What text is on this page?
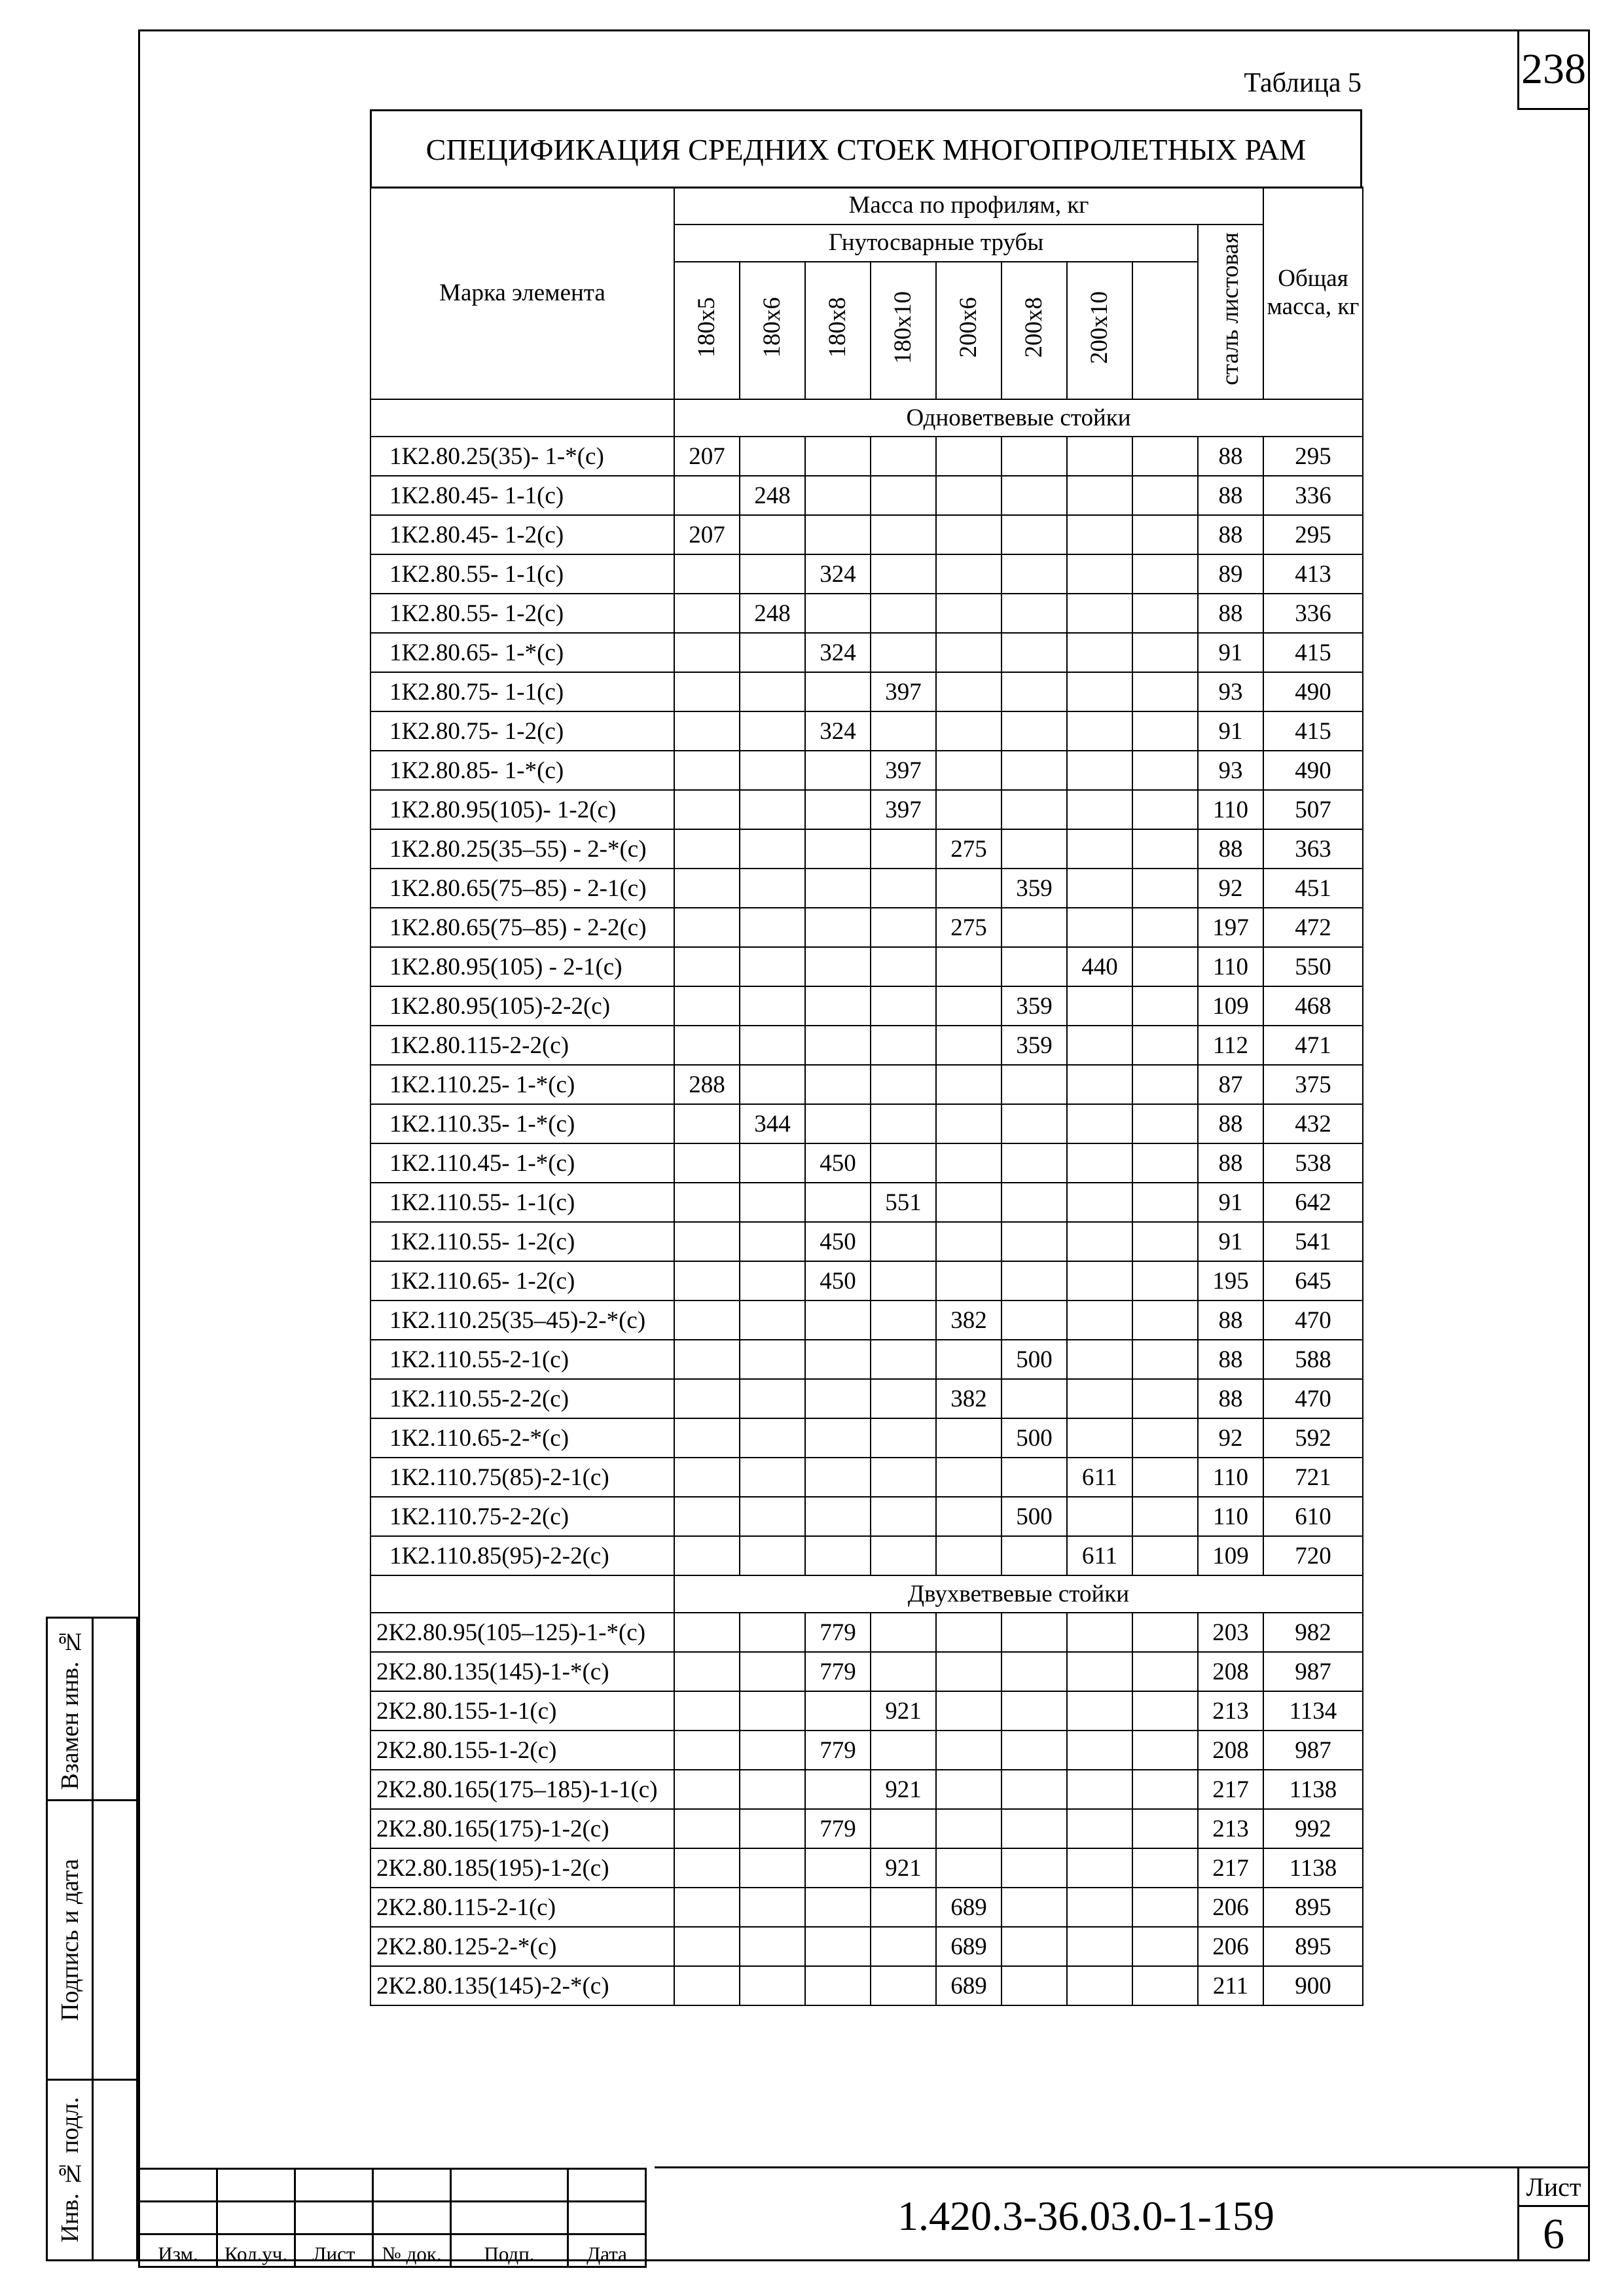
238
Таблица 5
СПЕЦИФИКАЦИЯ СРЕДНИХ СТОЕК МНОГОПРОЛЕТНЫХ РАМ
Марка элемента	Масса по профилям, кг									Общая масса, кг
	Гнутосварные трубы								сталь листовая	
	180х5	180х6	180х8	180х10	200х6	200х8	200х10			
	Одноветвевые стойки									
1К2.80.25(35)- 1-*(с)	207								88	295
1К2.80.45- 1-1(с)		248							88	336
1К2.80.45- 1-2(с)	207								88	295
1К2.80.55- 1-1(с)			324						89	413
1К2.80.55- 1-2(с)		248							88	336
1К2.80.65- 1-*(с)			324						91	415
1К2.80.75- 1-1(с)				397					93	490
1К2.80.75- 1-2(с)			324						91	415
1К2.80.85- 1-*(с)				397					93	490
1К2.80.95(105)- 1-2(с)				397					110	507
1К2.80.25(35–55) - 2-*(с)					275				88	363
1К2.80.65(75–85) - 2-1(с)						359			92	451
1К2.80.65(75–85) - 2-2(с)					275				197	472
1К2.80.95(105) - 2-1(с)							440		110	550
1К2.80.95(105)-2-2(с)						359			109	468
1К2.80.115-2-2(с)						359			112	471
1К2.110.25- 1-*(с)	288								87	375
1К2.110.35- 1-*(с)		344							88	432
1К2.110.45- 1-*(с)			450						88	538
1К2.110.55- 1-1(с)				551					91	642
1К2.110.55- 1-2(с)			450						91	541
1К2.110.65- 1-2(с)			450						195	645
1К2.110.25(35–45)-2-*(с)					382				88	470
1К2.110.55-2-1(с)						500			88	588
1К2.110.55-2-2(с)					382				88	470
1К2.110.65-2-*(с)						500			92	592
1К2.110.75(85)-2-1(с)							611		110	721
1К2.110.75-2-2(с)						500			110	610
1К2.110.85(95)-2-2(с)							611		109	720
	Двухветвевые стойки									
2К2.80.95(105–125)-1-*(с)			779						203	982
2К2.80.135(145)-1-*(с)			779						208	987
2К2.80.155-1-1(с)				921					213	1134
2К2.80.155-1-2(с)			779						208	987
2К2.80.165(175–185)-1-1(с)				921					217	1138
2К2.80.165(175)-1-2(с)			779						213	992
2К2.80.185(195)-1-2(с)				921					217	1138
2К2.80.115-2-1(с)					689				206	895
2К2.80.125-2-*(с)					689				206	895
2К2.80.135(145)-2-*(с)					689				211	900
Взамен инв. №
Подпись и дата
Инв. № подл.

Изм.	Кол.уч.	Лист	№ док.	Подп.	Дата
1.420.3-36.03.0-1-159
Лист
6
